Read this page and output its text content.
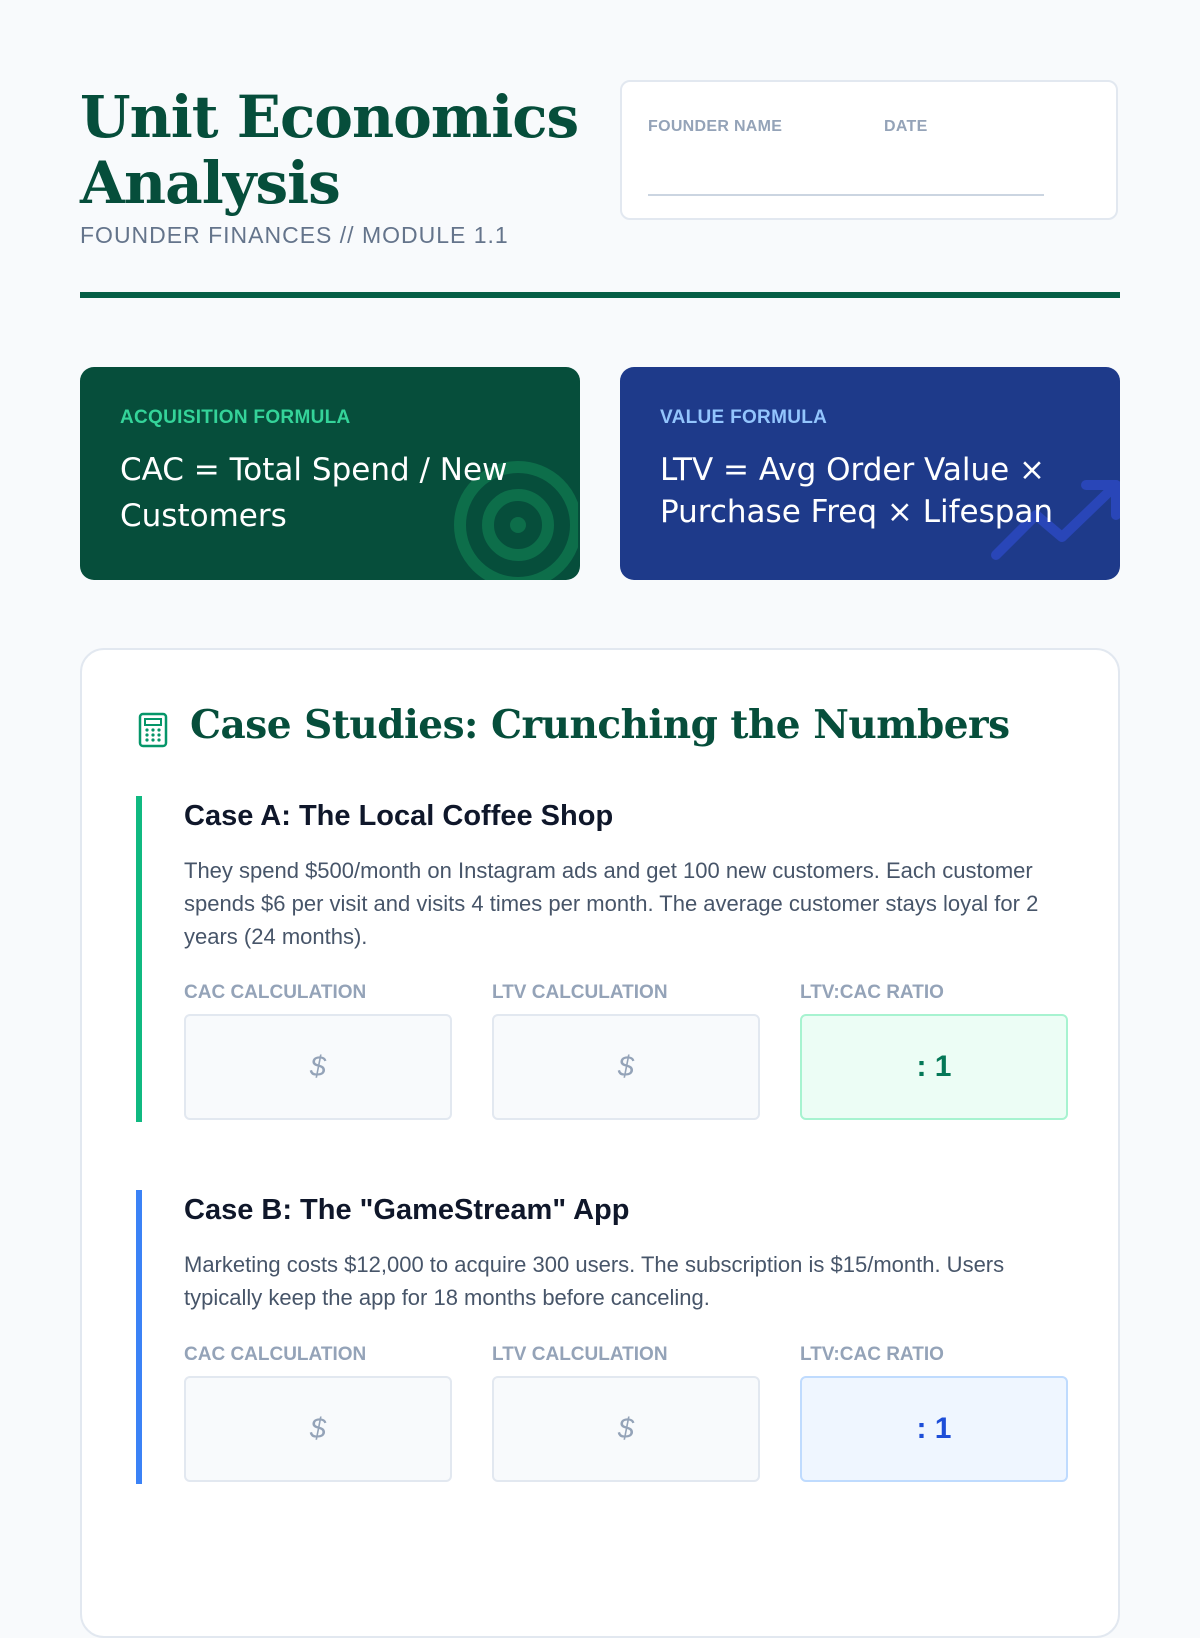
Unit Economics Analysis
FOUNDER FINANCES // MODULE 1.1
FOUNDER NAME	DATE
ACQUISITION FORMULA
CAC = Total Spend / New Customers
VALUE FORMULA
LTV = Avg Order Value × Purchase Freq × Lifespan
Case Studies: Crunching the Numbers
Case A: The Local Coffee Shop

They spend $500/month on Instagram ads and get 100 new customers. Each customer spends $6 per visit and visits 4 times per month. The average customer stays loyal for 2 years (24 months).

CAC CALCULATION	LTV CALCULATION	LTV:CAC RATIO
$	$	: 1
Case B: The "GameStream" App

Marketing costs $12,000 to acquire 300 users. The subscription is $15/month. Users typically keep the app for 18 months before canceling.

CAC CALCULATION	LTV CALCULATION	LTV:CAC RATIO
$	$	: 1
